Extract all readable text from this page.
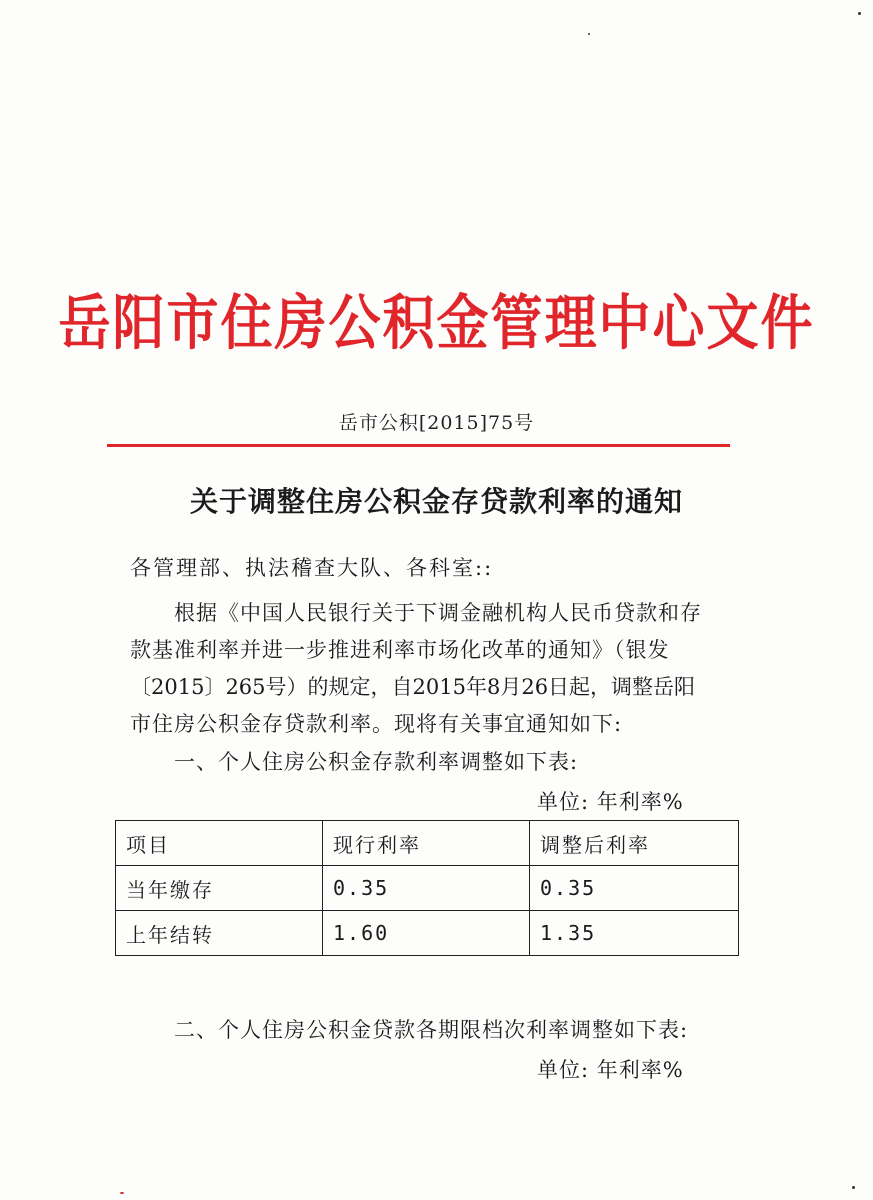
岳阳市住房公积金管理中心文件
岳市公积[2015]75号
关于调整住房公积金存贷款利率的通知
各管理部、执法稽查大队、各科室::
根据《中国人民银行关于下调金融机构人民币贷款和存
款基准利率并进一步推进利率市场化改革的通知》（银发
〔2015〕265号）的规定，自2015年8月26日起，调整岳阳
市住房公积金存贷款利率。现将有关事宜通知如下:
一、个人住房公积金存款利率调整如下表:
单位: 年利率%
项目	现行利率	调整后利率
当年缴存	0.35	0.35
上年结转	1.60	1.35
二、个人住房公积金贷款各期限档次利率调整如下表:
单位: 年利率%
